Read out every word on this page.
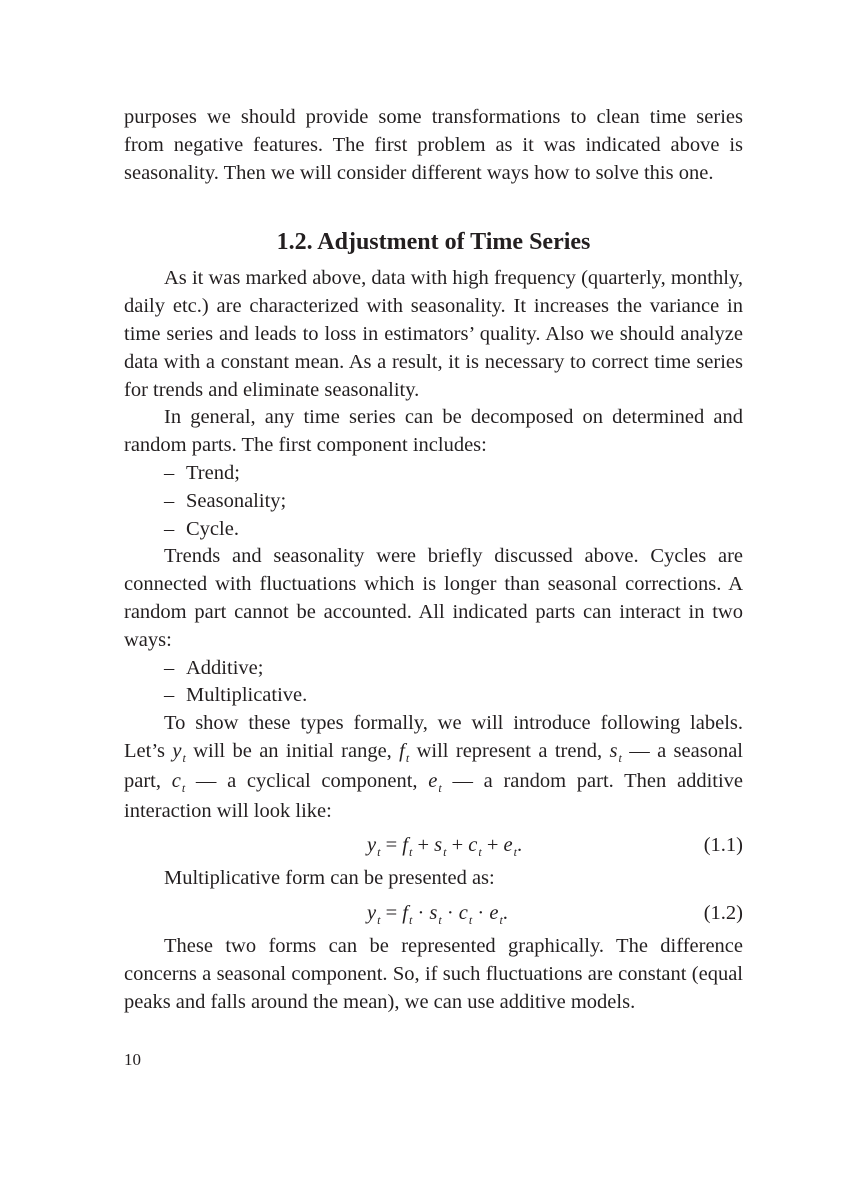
purposes we should provide some transformations to clean time series from negative features. The first problem as it was indicated above is seasonality. Then we will consider different ways how to solve this one.

1.2. Adjustment of Time Series

As it was marked above, data with high frequency (quarterly, monthly, daily etc.) are characterized with seasonality. It increases the variance in time series and leads to loss in estimators’ quality. Also we should analyze data with a constant mean. As a result, it is necessary to correct time series for trends and eliminate seasonality.

In general, any time series can be decomposed on determined and random parts. The first component includes:

– Trend;
– Seasonality;
– Cycle.

Trends and seasonality were briefly discussed above. Cycles are connected with fluctuations which is longer than seasonal corrections. A random part cannot be accounted. All indicated parts can interact in two ways:

– Additive;
– Multiplicative.

To show these types formally, we will introduce following labels. Let’s $y_t$ will be an initial range, $f_t$ will represent a trend, $s_t$ — a seasonal part, $c_t$ — a cyclical component, $e_t$ — a random part. Then additive interaction will look like:

$y_t = f_t + s_t + c_t + e_t$.	(1.1)

Multiplicative form can be presented as:

$y_t = f_t \cdot s_t \cdot c_t \cdot e_t$.	(1.2)

These two forms can be represented graphically. The difference concerns a seasonal component. So, if such fluctuations are constant (equal peaks and falls around the mean), we can use additive models.

10
